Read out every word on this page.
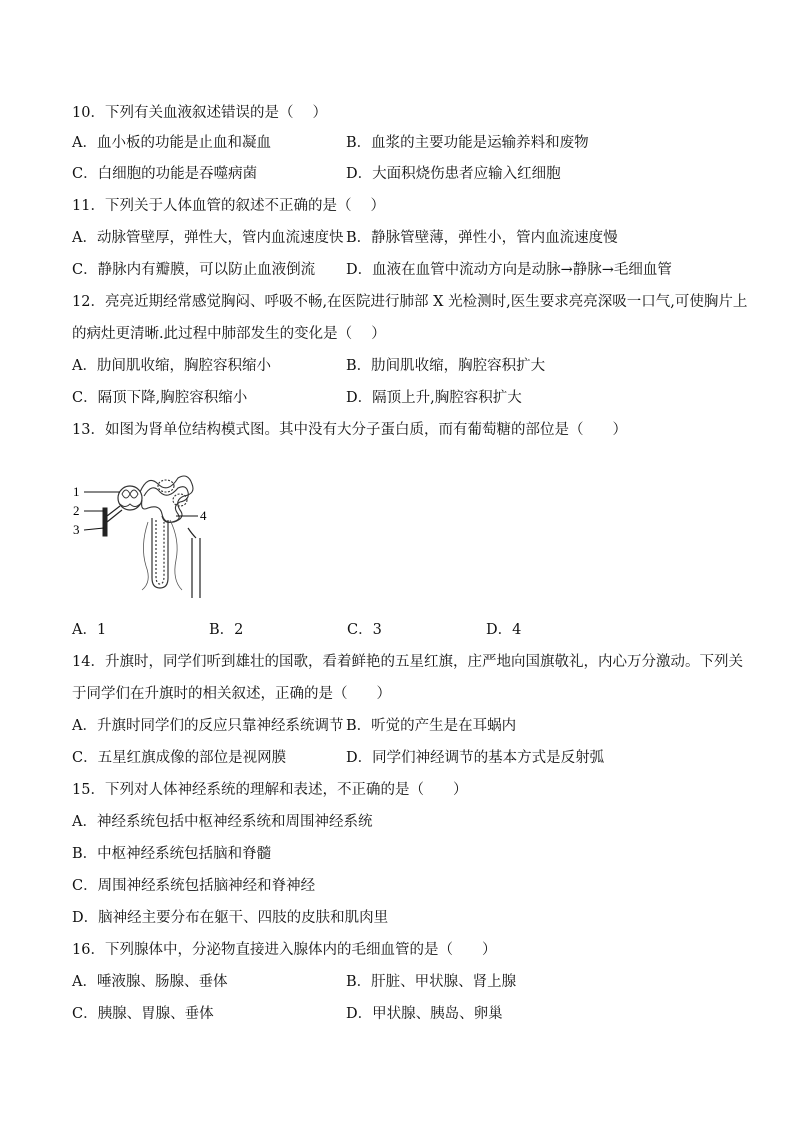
10．下列有关血液叙述错误的是（　 ）
A．血小板的功能是止血和凝血	B．血浆的主要功能是运输养料和废物
C．白细胞的功能是吞噬病菌	D．大面积烧伤患者应输入红细胞
11．下列关于人体血管的叙述不正确的是（　 ）
A．动脉管壁厚，弹性大，管内血流速度快 B．静脉管壁薄，弹性小，管内血流速度慢
C．静脉内有瓣膜，可以防止血液倒流 D．血液在血管中流动方向是动脉→静脉→毛细血管
12．亮亮近期经常感觉胸闷、呼吸不畅,在医院进行肺部 X 光检测时,医生要求亮亮深吸一口气,可使胸片上
的病灶更清晰.此过程中肺部发生的变化是（　 ）
A．肋间肌收缩，胸腔容积缩小	B．肋间肌收缩，胸腔容积扩大
C．隔顶下降,胸腔容积缩小	D．隔顶上升,胸腔容积扩大
13．如图为肾单位结构模式图。其中没有大分子蛋白质，而有葡萄糖的部位是（　　）
1
2
3
4
A．1	B．2	C．3	D．4
14．升旗时，同学们听到雄壮的国歌，看着鲜艳的五星红旗，庄严地向国旗敬礼，内心万分激动。下列关
于同学们在升旗时的相关叙述，正确的是（　　）
A．升旗时同学们的反应只靠神经系统调节 B．听觉的产生是在耳蜗内
C．五星红旗成像的部位是视网膜	D．同学们神经调节的基本方式是反射弧
15．下列对人体神经系统的理解和表述，不正确的是（　　）
A．神经系统包括中枢神经系统和周围神经系统
B．中枢神经系统包括脑和脊髓
C．周围神经系统包括脑神经和脊神经
D．脑神经主要分布在躯干、四肢的皮肤和肌肉里
16．下列腺体中，分泌物直接进入腺体内的毛细血管的是（　　）
A．唾液腺、肠腺、垂体	B．肝脏、甲状腺、肾上腺
C．胰腺、胃腺、垂体	D．甲状腺、胰岛、卵巢
